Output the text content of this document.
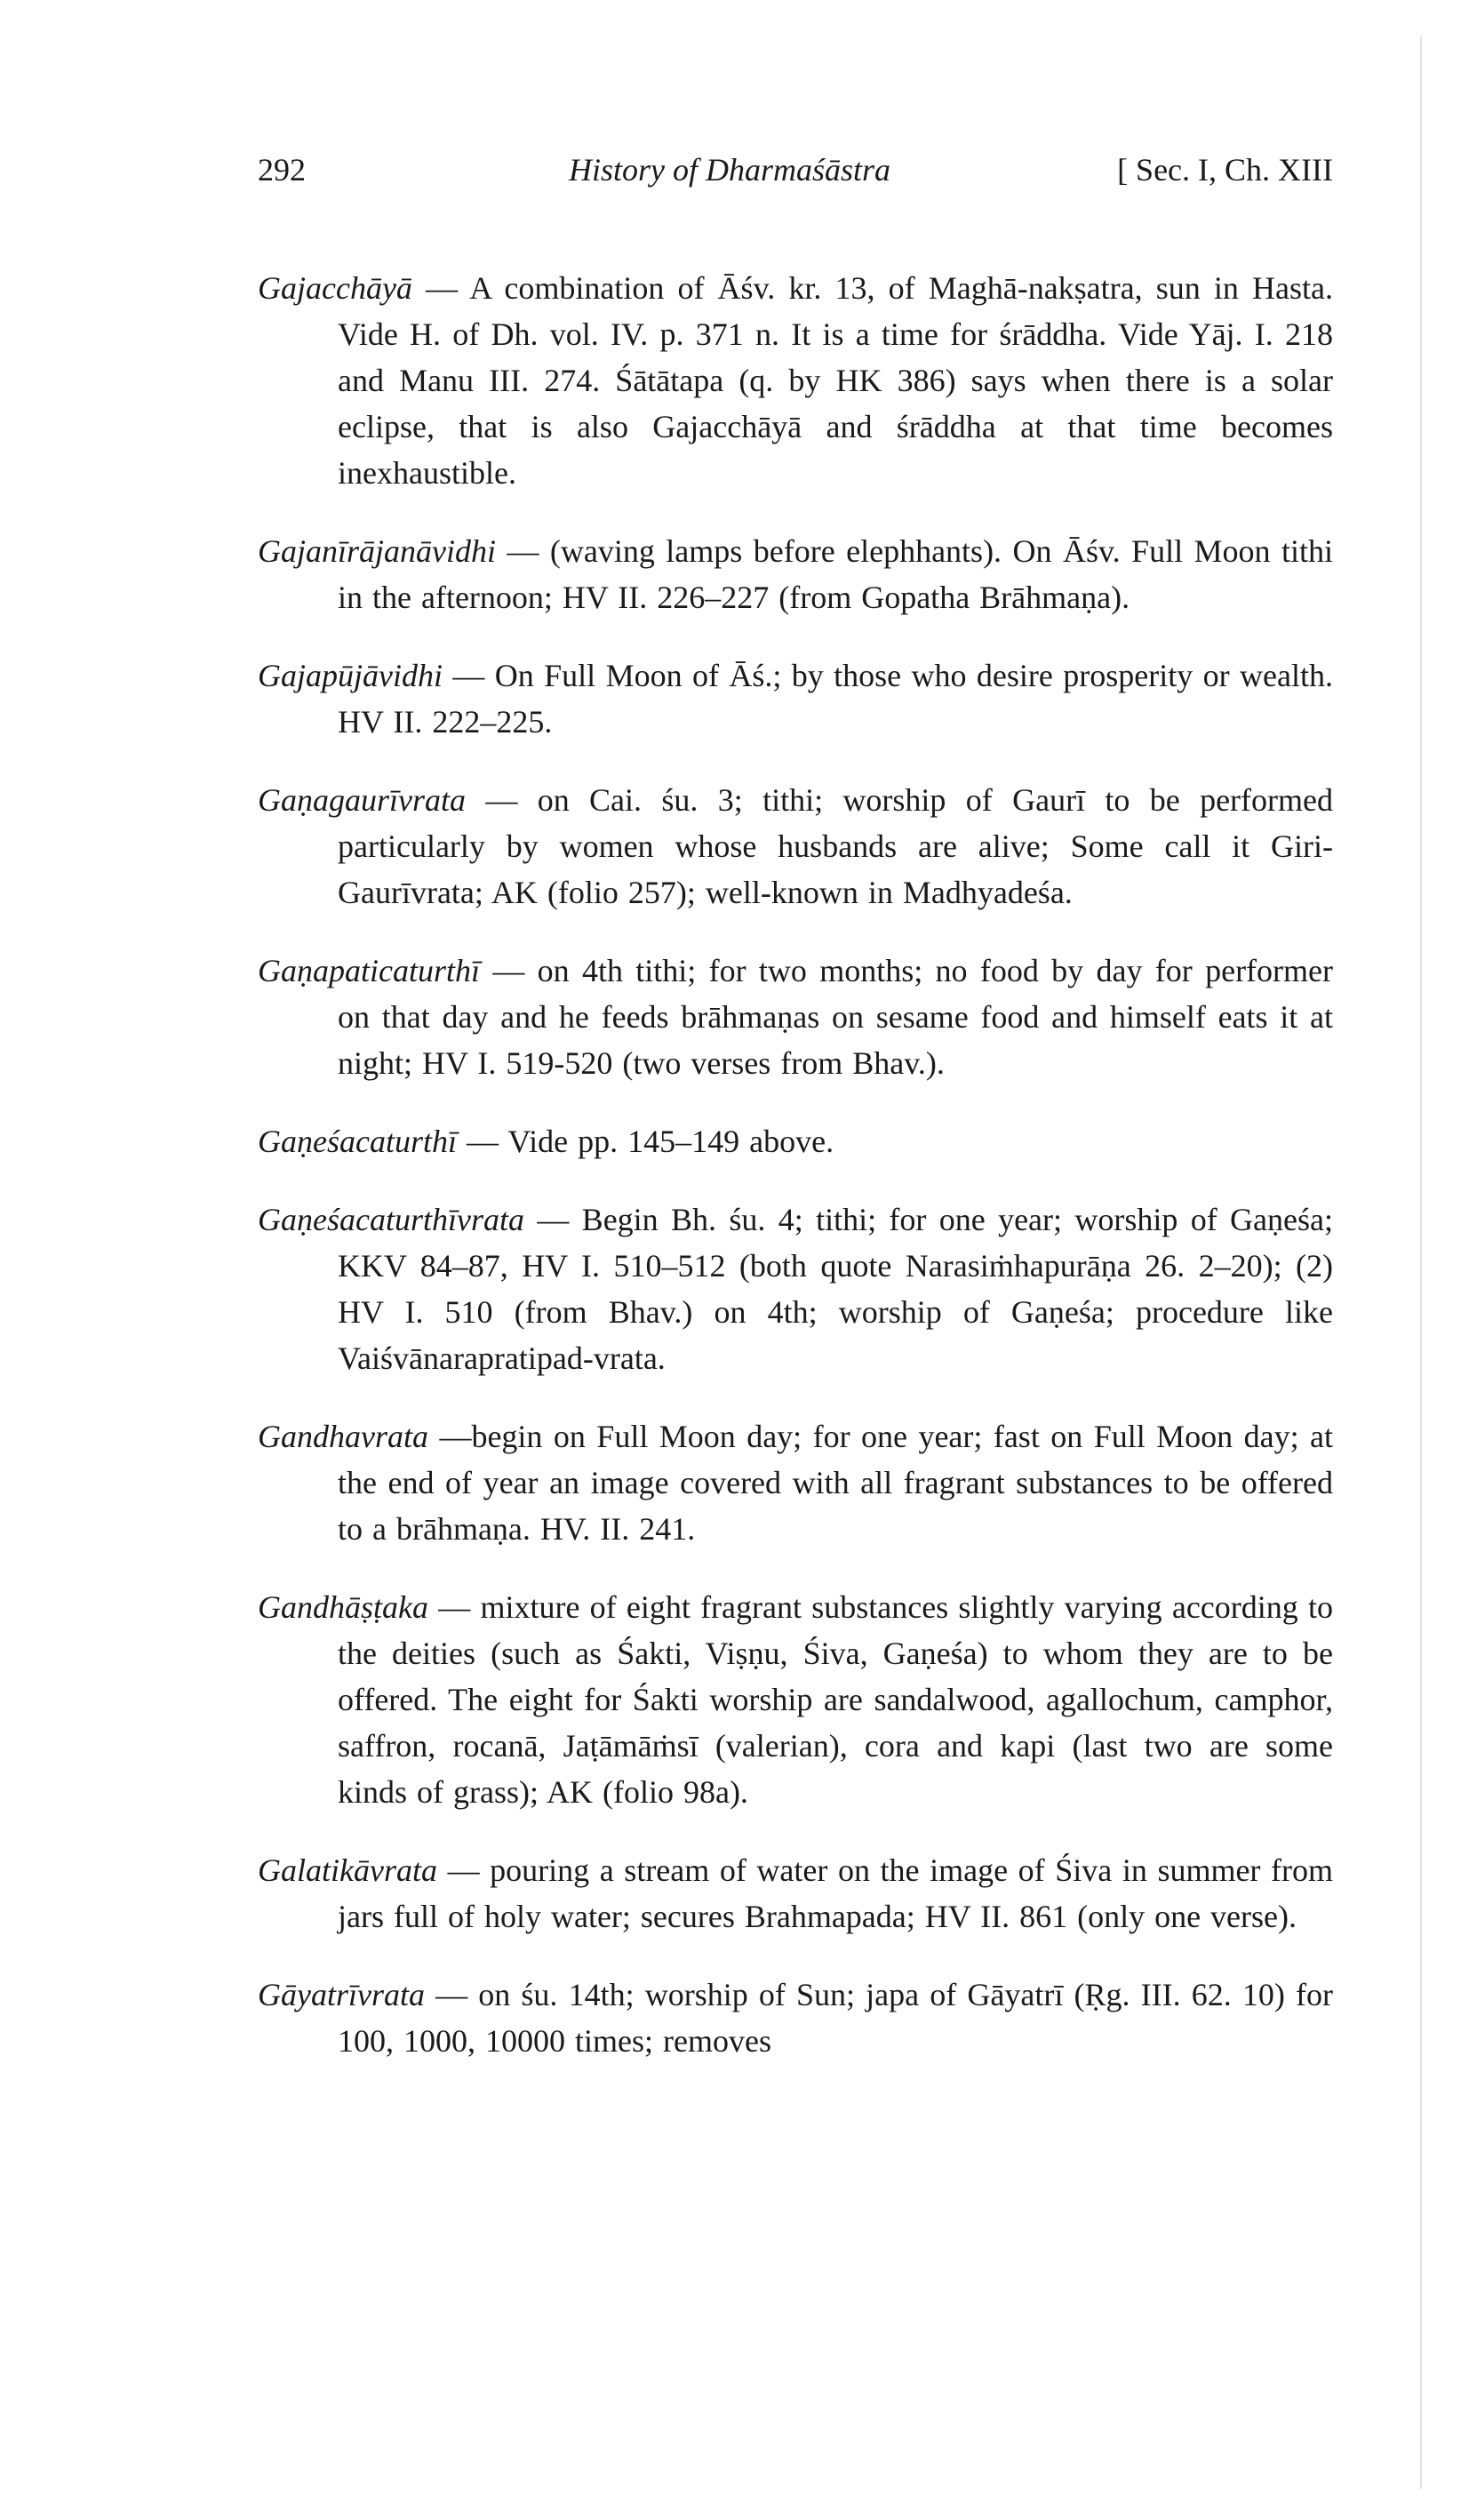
292	History of Dharmaśāstra	[ Sec. I, Ch. XIII

Gajacchāyā — A combination of Āśv. kr. 13, of Maghā-nakṣatra, sun in Hasta. Vide H. of Dh. vol. IV. p. 371 n. It is a time for śrāddha. Vide Yāj. I. 218 and Manu III. 274. Śātātapa (q. by HK 386) says when there is a solar eclipse, that is also Gajacchāyā and śrāddha at that time becomes inexhaustible.

Gajanīrājanāvidhi — (waving lamps before elephhants). On Āśv. Full Moon tithi in the afternoon; HV II. 226–227 (from Gopatha Brāhmaṇa).

Gajapūjāvidhi — On Full Moon of Āś.; by those who desire prosperity or wealth. HV II. 222–225.

Gaṇagaurīvrata — on Cai. śu. 3; tithi; worship of Gaurī to be performed particularly by women whose husbands are alive; Some call it Giri-Gaurīvrata; AK (folio 257); well-known in Madhyadeśa.

Gaṇapaticaturthī — on 4th tithi; for two months; no food by day for performer on that day and he feeds brāhmaṇas on sesame food and himself eats it at night; HV I. 519-520 (two verses from Bhav.).

Gaṇeśacaturthī — Vide pp. 145–149 above.

Gaṇeśacaturthīvrata — Begin Bh. śu. 4; tithi; for one year; worship of Gaṇeśa; KKV 84–87, HV I. 510–512 (both quote Narasiṁhapurāṇa 26. 2–20); (2) HV I. 510 (from Bhav.) on 4th; worship of Gaṇeśa; procedure like Vaiśvānarapratipad-vrata.

Gandhavrata —begin on Full Moon day; for one year; fast on Full Moon day; at the end of year an image covered with all fragrant substances to be offered to a brāhmaṇa. HV. II. 241.

Gandhāṣṭaka — mixture of eight fragrant substances slightly varying according to the deities (such as Śakti, Viṣṇu, Śiva, Gaṇeśa) to whom they are to be offered. The eight for Śakti worship are sandalwood, agallochum, camphor, saffron, rocanā, Jaṭāmāṁsī (valerian), cora and kapi (last two are some kinds of grass); AK (folio 98a).

Galatikāvrata — pouring a stream of water on the image of Śiva in summer from jars full of holy water; secures Brahmapada; HV II. 861 (only one verse).

Gāyatrīvrata — on śu. 14th; worship of Sun; japa of Gāyatrī (Ṛg. III. 62. 10) for 100, 1000, 10000 times; removes
